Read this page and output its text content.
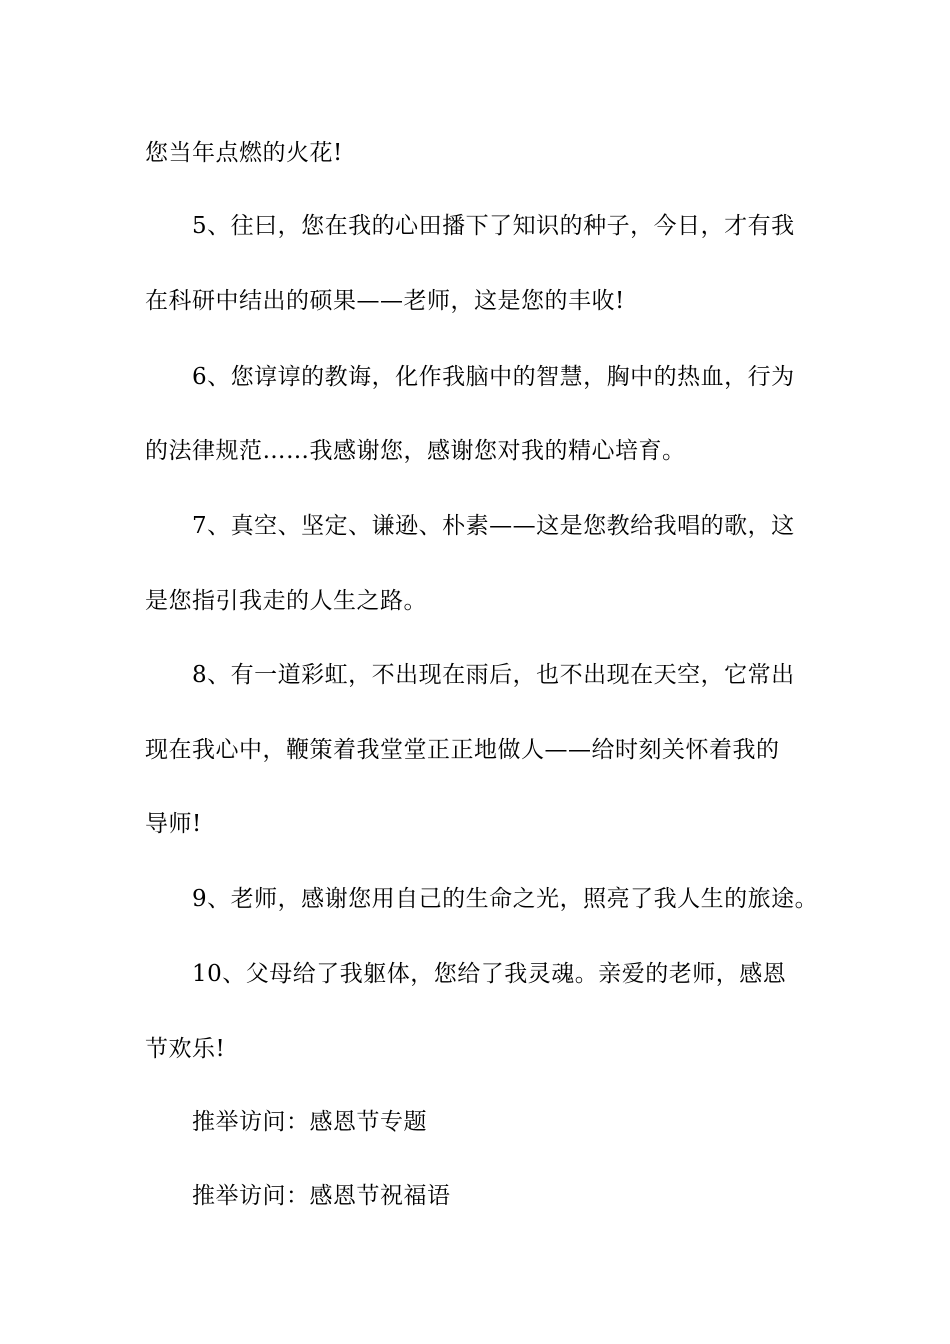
您当年点燃的火花!
5、往曰，您在我的心田播下了知识的种子，今日，才有我
在科研中结出的硕果——老师，这是您的丰收!
6、您谆谆的教诲，化作我脑中的智慧，胸中的热血，行为
的法律规范……我感谢您，感谢您对我的精心培育。
7、真空、坚定、谦逊、朴素——这是您教给我唱的歌，这
是您指引我走的人生之路。
8、有一道彩虹，不出现在雨后，也不出现在天空，它常出
现在我心中，鞭策着我堂堂正正地做人——给时刻关怀着我的
导师!
9、老师，感谢您用自己的生命之光，照亮了我人生的旅途。
10、父母给了我躯体，您给了我灵魂。亲爱的老师，感恩
节欢乐!
推举访问：感恩节专题
推举访问：感恩节祝福语
